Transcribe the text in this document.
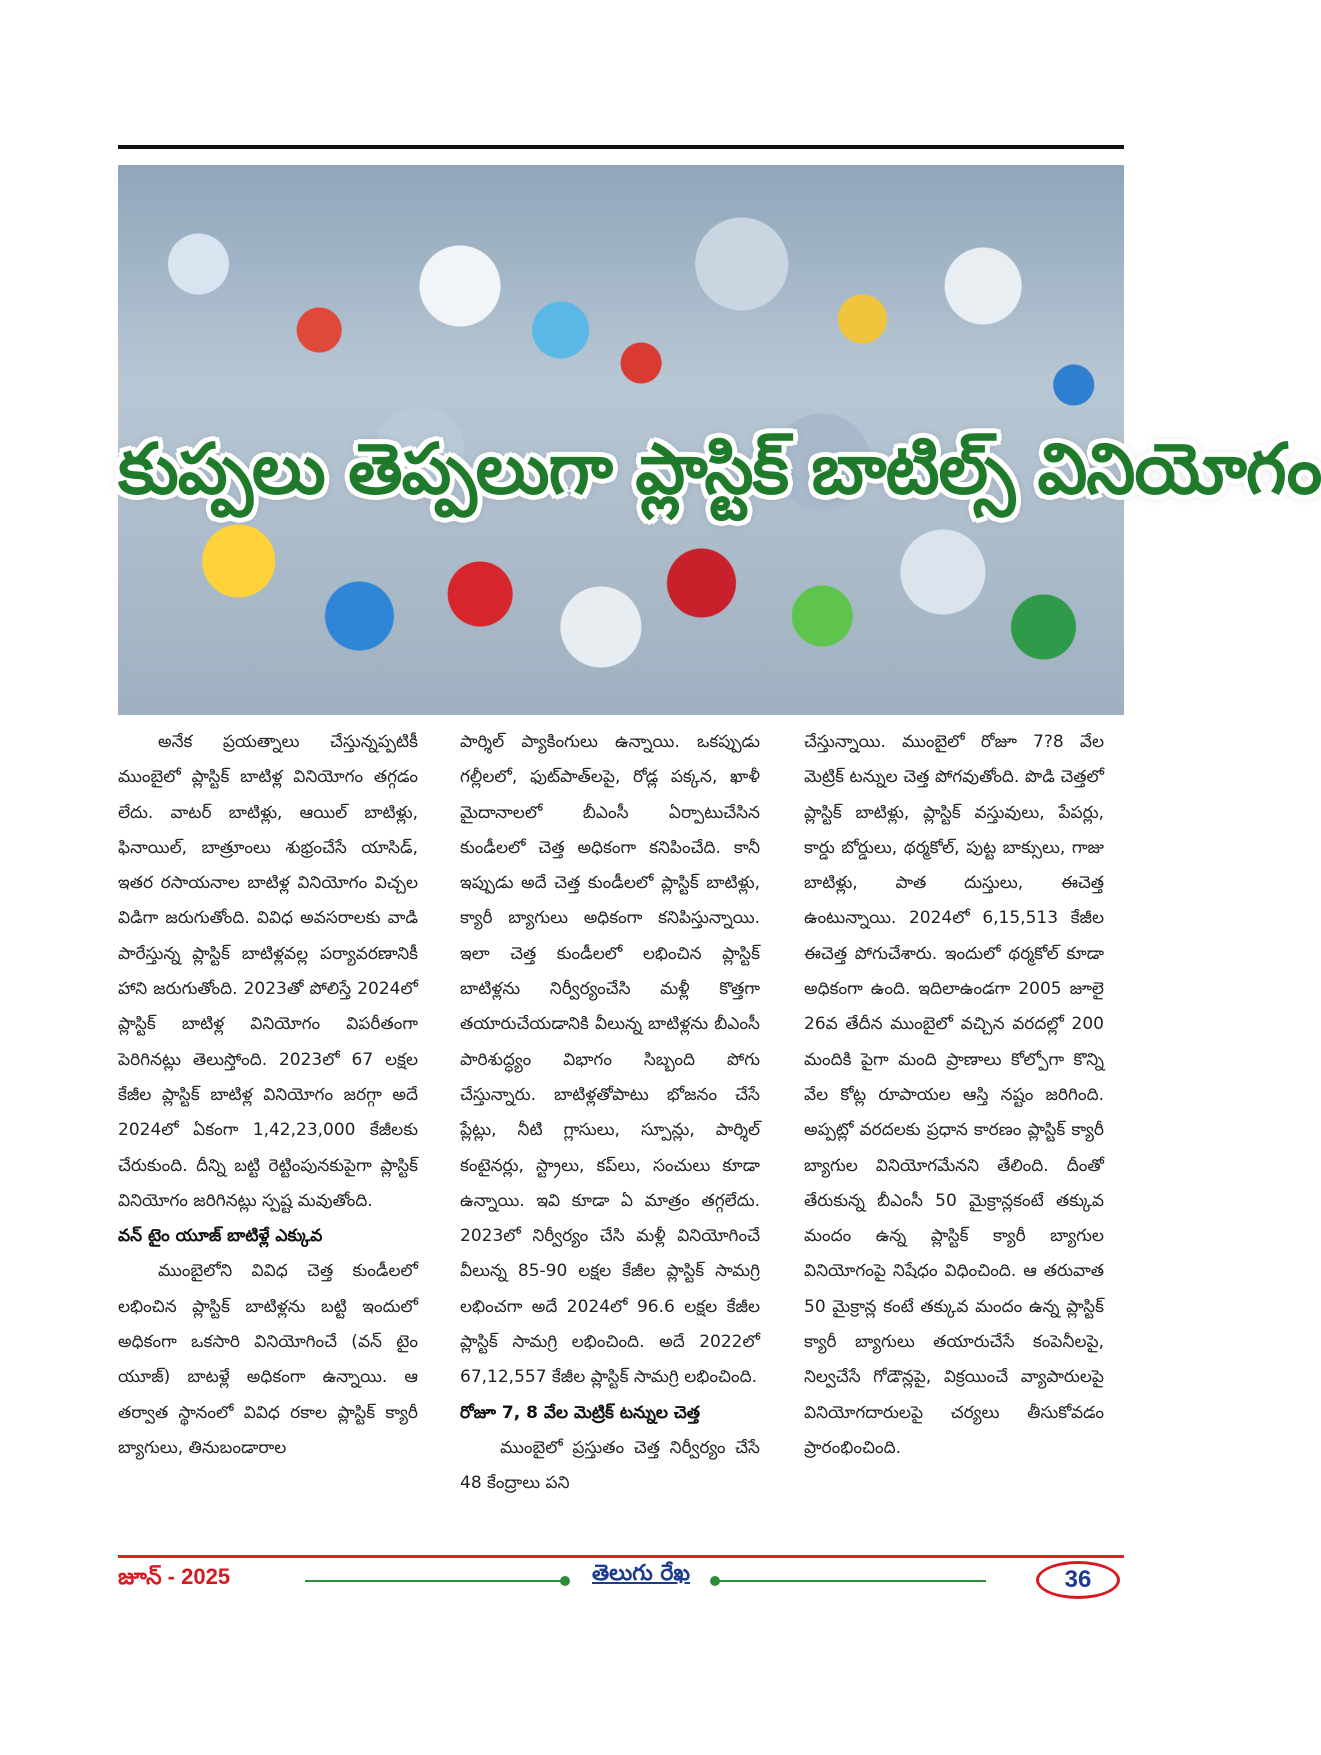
కుప్పలు తెప్పలుగా ప్లాస్టిక్ బాటిల్స్ వినియోగం

అనేక ప్రయత్నాలు చేస్తున్నప్పటికీ ముంబైలో ప్లాస్టిక్ బాటిళ్ల వినియోగం తగ్గడం లేదు. వాటర్ బాటిళ్లు, ఆయిల్ బాటిళ్లు, ఫినాయిల్, బాత్రూంలు శుభ్రంచేసే యాసిడ్, ఇతర రసాయనాల బాటిళ్ల వినియోగం విచ్చల విడిగా జరుగుతోంది. వివిధ అవసరాలకు వాడి పారేస్తున్న ప్లాస్టిక్ బాటిళ్లవల్ల పర్యావరణానికీ హాని జరుగుతోంది. 2023తో పోలిస్తే 2024లో ప్లాస్టిక్ బాటిళ్ల వినియోగం విపరీతంగా పెరిగినట్లు తెలుస్తోంది. 2023లో 67 లక్షల కేజీల ప్లాస్టిక్ బాటిళ్ల వినియోగం జరగ్గా అదే 2024లో ఏకంగా 1,42,23,000 కేజీలకు చేరుకుంది. దీన్ని బట్టి రెట్టింపునకుపైగా ప్లాస్టిక్ వినియోగం జరిగినట్లు స్పష్ట మవుతోంది.

వన్ టైం యూజ్ బాటిళ్లే ఎక్కువ

ముంబైలోని వివిధ చెత్త కుండీలలో లభించిన ప్లాస్టిక్ బాటిళ్లను బట్టి ఇందులో అధికంగా ఒకసారి వినియోగించే (వన్ టైం యూజ్) బాటళ్లే అధికంగా ఉన్నాయి. ఆ తర్వాత స్థానంలో వివిధ రకాల ప్లాస్టిక్ క్యారీ బ్యాగులు, తినుబండారాల

పార్శిల్ ప్యాకింగులు ఉన్నాయి. ఒకప్పుడు గల్లీలలో, ఫుట్‌పాత్‌లపై, రోడ్ల పక్కన, ఖాళీ మైదానాలలో బీఎంసీ ఏర్పాటుచేసిన కుండీలలో చెత్త అధికంగా కనిపించేది. కానీ ఇప్పుడు అదే చెత్త కుండీలలో ప్లాస్టిక్ బాటిళ్లు, క్యారీ బ్యాగులు అధికంగా కనిపిస్తున్నాయి. ఇలా చెత్త కుండీలలో లభించిన ప్లాస్టిక్ బాటిళ్లను నిర్వీర్యంచేసి మళ్లీ కొత్తగా తయారుచేయడానికి వీలున్న బాటిళ్లను బీఎంసీ పారిశుద్ధ్యం విభాగం సిబ్బంది పోగు చేస్తున్నారు. బాటిళ్లతోపాటు భోజనం చేసే ప్లేట్లు, నీటి గ్లాసులు, స్పూన్లు, పార్శిల్ కంటైనర్లు, స్ట్రాలు, కప్‌లు, సంచులు కూడా ఉన్నాయి. ఇవి కూడా ఏ మాత్రం తగ్గలేదు. 2023లో నిర్వీర్యం చేసి మళ్లీ వినియోగించే వీలున్న 85-90 లక్షల కేజీల ప్లాస్టిక్ సామగ్రి లభించగా అదే 2024లో 96.6 లక్షల కేజీల ప్లాస్టిక్ సామగ్రి లభించింది. అదే 2022లో 67,12,557 కేజీల ప్లాస్టిక్ సామగ్రి లభించింది.

రోజూ 7, 8 వేల మెట్రిక్ టన్నుల చెత్త

ముంబైలో ప్రస్తుతం చెత్త నిర్వీర్యం చేసే 48 కేంద్రాలు పని

చేస్తున్నాయి. ముంబైలో రోజూ 7?8 వేల మెట్రిక్ టన్నుల చెత్త పోగవుతోంది. పొడి చెత్తలో ప్లాస్టిక్ బాటిళ్లు, ప్లాస్టిక్ వస్తువులు, పేపర్లు, కార్డు బోర్డులు, థర్మకోల్, పుట్ట బాక్సులు, గాజు బాటిళ్లు, పాత దుస్తులు, ఈచెత్త ఉంటున్నాయి. 2024లో 6,15,513 కేజీల ఈచెత్త పోగుచేశారు. ఇందులో థర్మకోల్ కూడా అధికంగా ఉంది. ఇదిలాఉండగా 2005 జూలై 26వ తేదీన ముంబైలో వచ్చిన వరదల్లో 200 మందికి పైగా మంది ప్రాణాలు కోల్పోగా కొన్ని వేల కోట్ల రూపాయల ఆస్తి నష్టం జరిగింది. అప్పట్లో వరదలకు ప్రధాన కారణం ప్లాస్టిక్ క్యారీ బ్యాగుల వినియోగమేనని తేలింది. దీంతో తేరుకున్న బీఎంసీ 50 మైక్రాన్లకంటే తక్కువ మందం ఉన్న ప్లాస్టిక్ క్యారీ బ్యాగుల వినియోగంపై నిషేధం విధించింది. ఆ తరువాత 50 మైక్రాన్ల కంటే తక్కువ మందం ఉన్న ప్లాస్టిక్ క్యారీ బ్యాగులు తయారుచేసే కంపెనీలపై, నిల్వచేసే గోడౌన్లపై, విక్రయించే వ్యాపారులపై వినియోగదారులపై చర్యలు తీసుకోవడం ప్రారంభించింది.

జూన్ - 2025	తెలుగు రేఖ	36
